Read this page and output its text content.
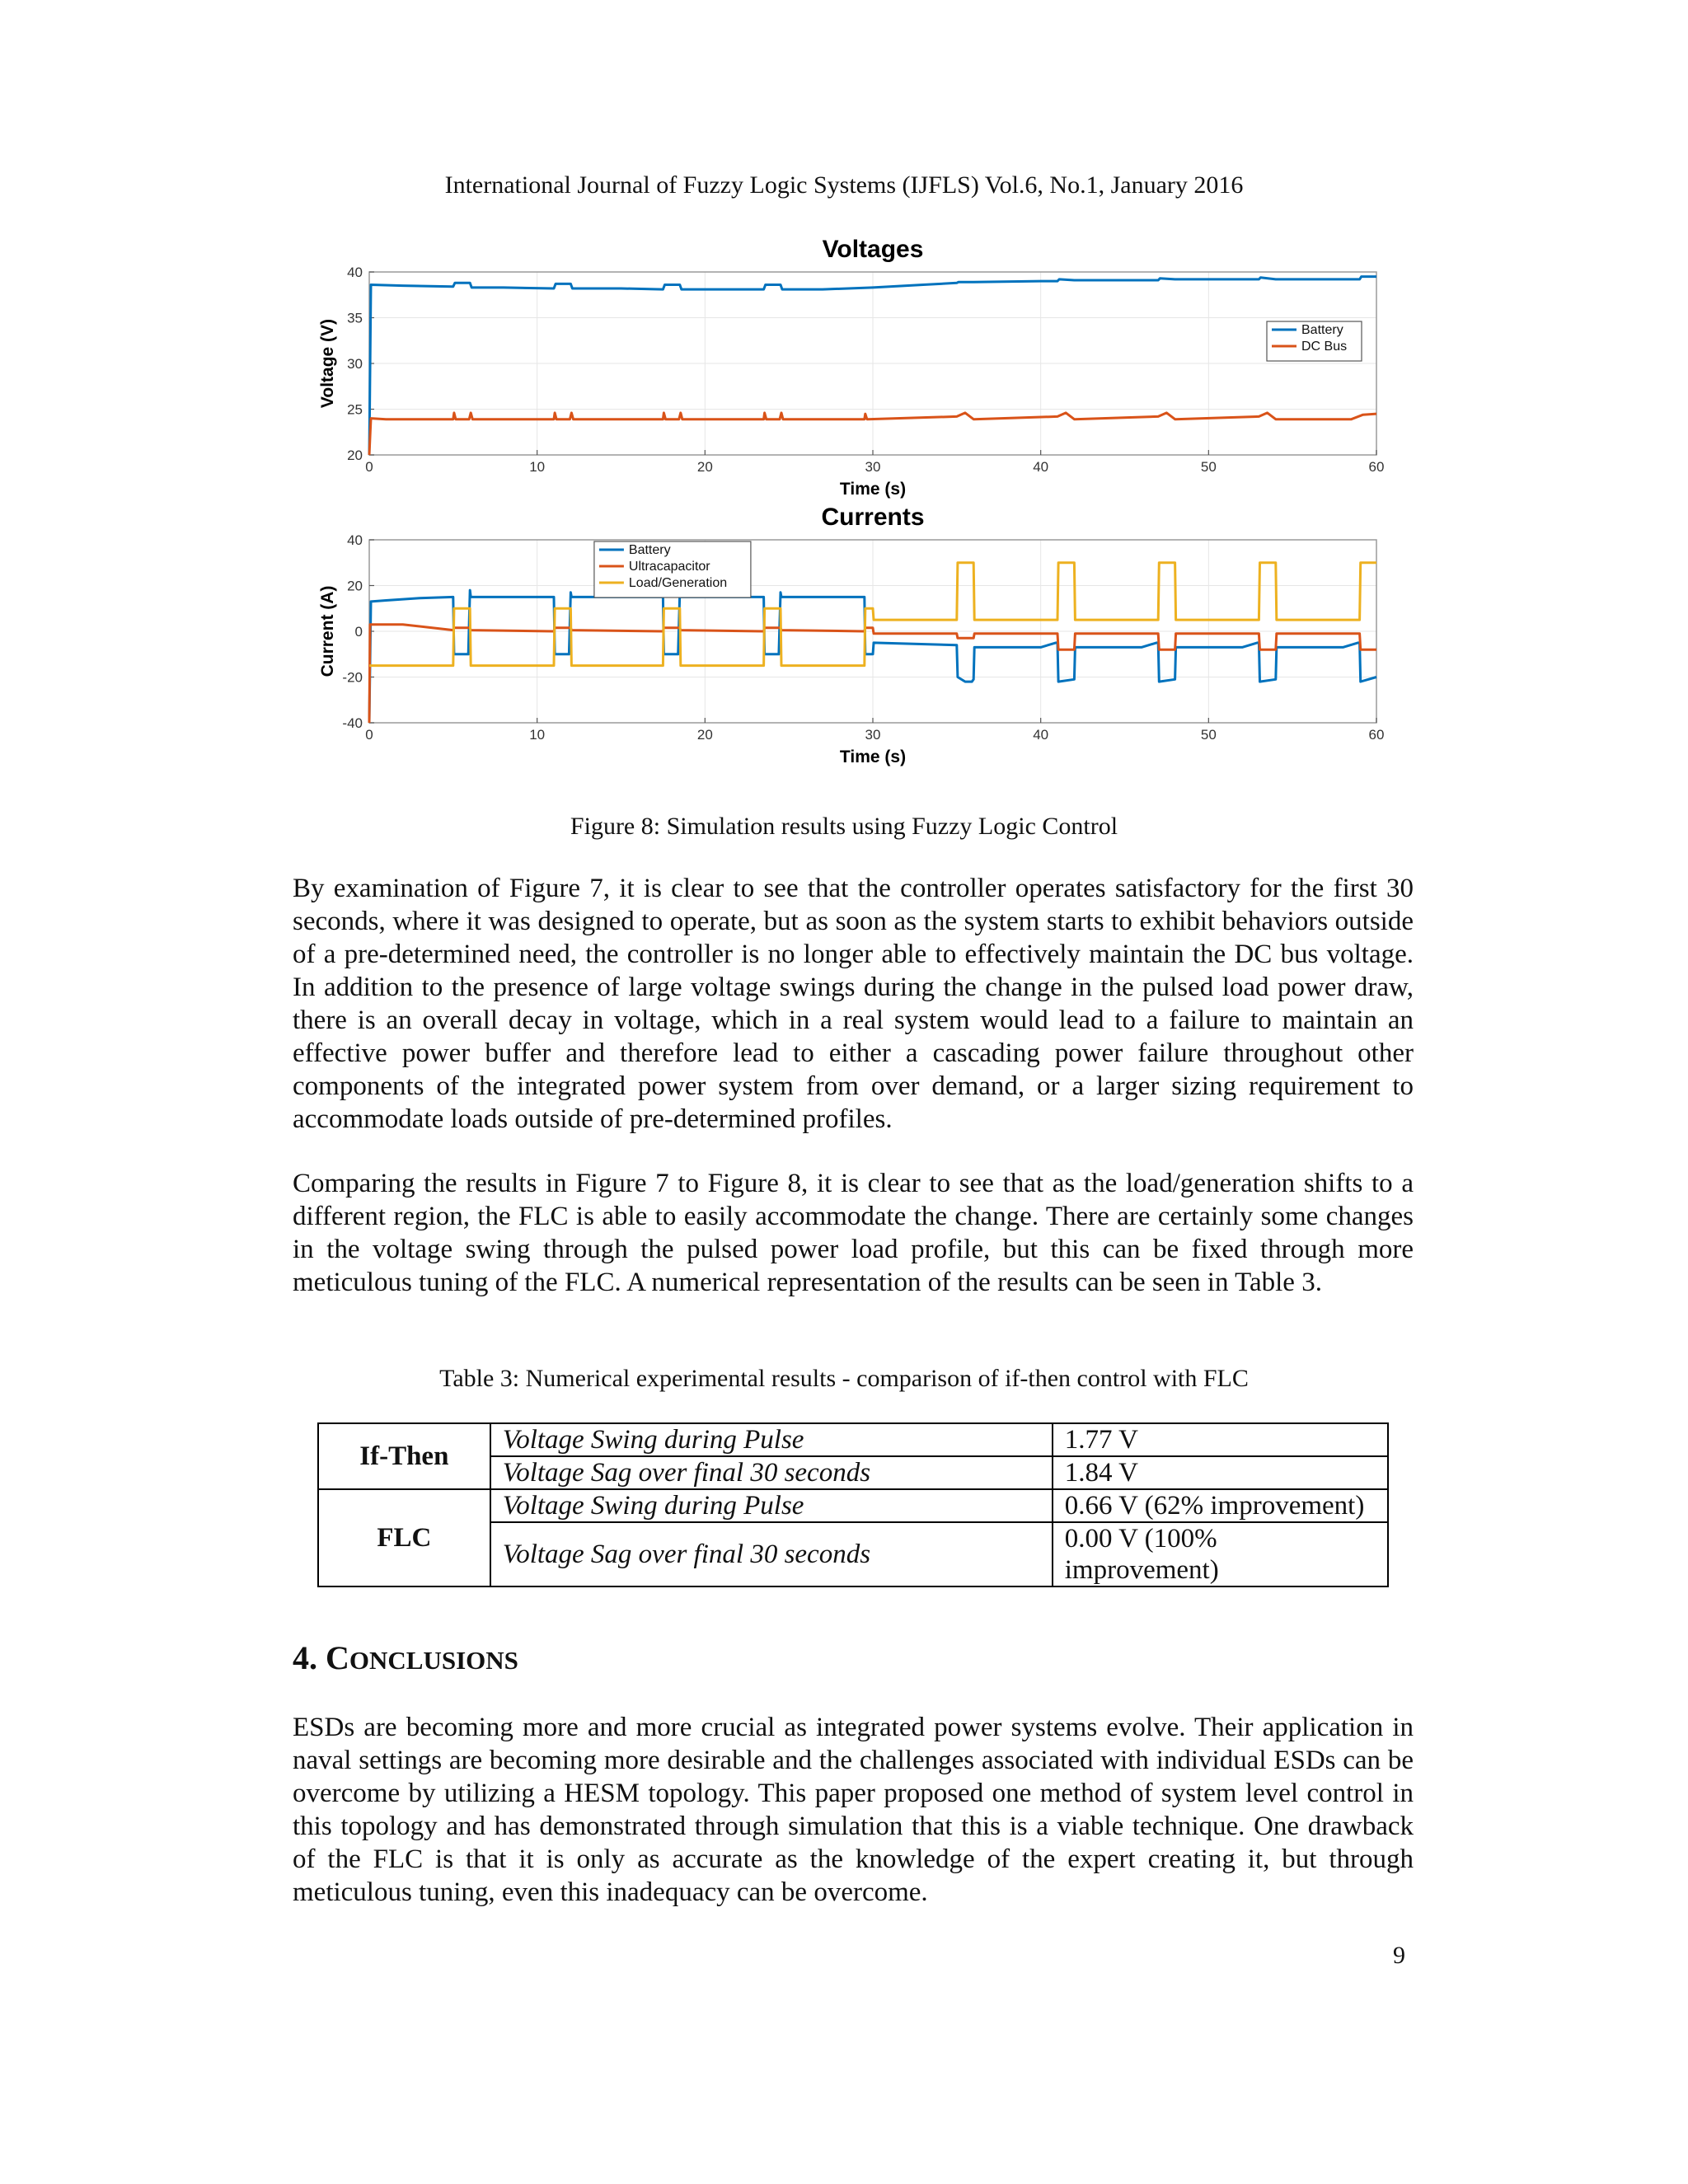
International Journal of Fuzzy Logic Systems (IJFLS) Vol.6, No.1, January 2016
Voltages
0	10	20	30	40	50	60
20
25
30
35
40
Time (s)
Voltage (V)	Battery
DC Bus
Currents
0	10	20	30	40	50	60
-40
-20
0
20
40
Time (s)
Current (A)
Battery
Ultracapacitor
Load/Generation
Figure 8: Simulation results using Fuzzy Logic Control

By examination of Figure 7, it is clear to see that the controller operates satisfactory for the first 30 seconds, where it was designed to operate, but as soon as the system starts to exhibit behaviors outside of a pre-determined need, the controller is no longer able to effectively maintain the DC bus voltage. In addition to the presence of large voltage swings during the change in the pulsed load power draw, there is an overall decay in voltage, which in a real system would lead to a failure to maintain an effective power buffer and therefore lead to either a cascading power failure throughout other components of the integrated power system from over demand, or a larger sizing requirement to accommodate loads outside of pre-determined profiles.

Comparing the results in Figure 7 to Figure 8, it is clear to see that as the load/generation shifts to a different region, the FLC is able to easily accommodate the change. There are certainly some changes in the voltage swing through the pulsed power load profile, but this can be fixed through more meticulous tuning of the FLC. A numerical representation of the results can be seen in Table 3.

Table 3: Numerical experimental results - comparison of if-then control with FLC
If-Then	Voltage Swing during Pulse	1.77 V
	Voltage Sag over final 30 seconds	1.84 V
FLC	Voltage Swing during Pulse	0.66 V (62% improvement)
	Voltage Sag over final 30 seconds	0.00 V (100% improvement)
4. CONCLUSIONS

ESDs are becoming more and more crucial as integrated power systems evolve. Their application in naval settings are becoming more desirable and the challenges associated with individual ESDs can be overcome by utilizing a HESM topology. This paper proposed one method of system level control in this topology and has demonstrated through simulation that this is a viable technique. One drawback of the FLC is that it is only as accurate as the knowledge of the expert creating it, but through meticulous tuning, even this inadequacy can be overcome.

9
